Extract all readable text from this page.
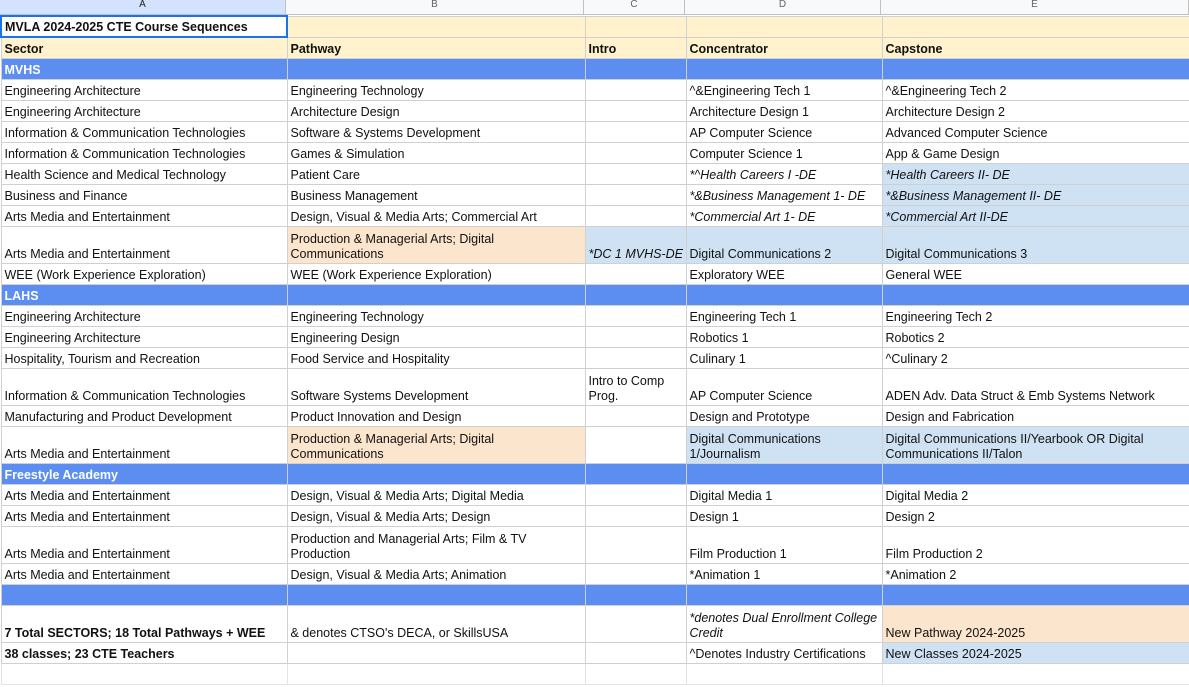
A	B	C	D	E
MVLA 2024-2025 CTE Course Sequences				
Sector	Pathway	Intro	Concentrator	Capstone
MVHS				
Engineering Architecture	Engineering Technology		^&Engineering Tech 1	^&Engineering Tech 2
Engineering Architecture	Architecture Design		Architecture Design 1	Architecture Design 2
Information & Communication Technologies	Software & Systems Development		AP Computer Science	Advanced Computer Science
Information & Communication Technologies	Games & Simulation		Computer Science 1	App & Game Design
Health Science and Medical Technology	Patient Care		*^Health Careers I -DE	*Health Careers II- DE
Business and Finance	Business Management		*&Business Management 1- DE	*&Business Management II- DE
Arts Media and Entertainment	Design, Visual & Media Arts; Commercial Art		*Commercial Art 1- DE	*Commercial Art II-DE
Arts Media and Entertainment	Production & Managerial Arts; Digital Communications	*DC 1 MVHS-DE	Digital Communications 2	Digital Communications 3
WEE (Work Experience Exploration)	WEE (Work Experience Exploration)		Exploratory WEE	General WEE
LAHS				
Engineering Architecture	Engineering Technology		Engineering Tech 1	Engineering Tech 2
Engineering Architecture	Engineering Design		Robotics 1	Robotics 2
Hospitality, Tourism and Recreation	Food Service and Hospitality		Culinary 1	^Culinary 2
Information & Communication Technologies	Software Systems Development	Intro to Comp Prog.	AP Computer Science	ADEN Adv. Data Struct & Emb Systems Network
Manufacturing and Product Development	Product Innovation and Design		Design and Prototype	Design and Fabrication
Arts Media and Entertainment	Production & Managerial Arts; Digital Communications		Digital Communications 1/Journalism	Digital Communications II/Yearbook OR Digital Communications II/Talon
Freestyle Academy				
Arts Media and Entertainment	Design, Visual & Media Arts; Digital Media		Digital Media 1	Digital Media 2
Arts Media and Entertainment	Design, Visual & Media Arts; Design		Design 1	Design 2
Arts Media and Entertainment	Production and Managerial Arts; Film & TV Production		Film Production 1	Film Production 2
Arts Media and Entertainment	Design, Visual & Media Arts; Animation		*Animation 1	*Animation 2

7 Total SECTORS; 18 Total Pathways + WEE	& denotes CTSO's DECA, or SkillsUSA		*denotes Dual Enrollment College Credit	New Pathway 2024-2025
38 classes; 23 CTE Teachers			^Denotes Industry Certifications	New Classes 2024-2025
